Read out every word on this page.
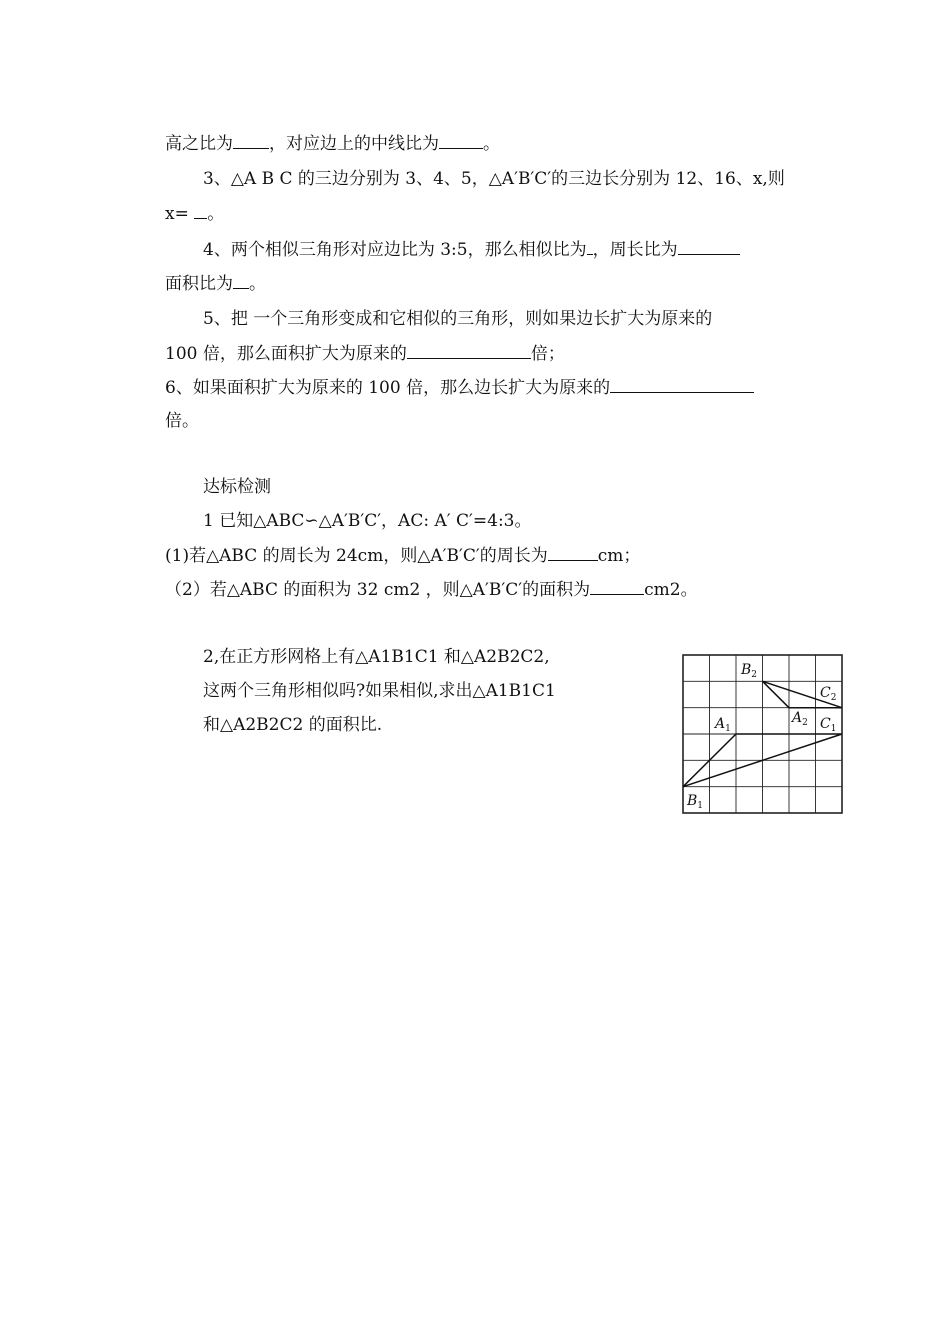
高之比为 ，对应边上的中线比为	。
3、△A B C 的三边分别为 3、4、5，△A′B′C′的三边长分别为 12、16、x,则
x= 。
4、两个相似三角形对应边比为 3:5，那么相似比为 ，周长比为
面积比为 。
5、把 一个三角形变成和它相似的三角形，则如果边长扩大为原来的
100 倍，那么面积扩大为原来的	倍；
6、如果面积扩大为原来的 100 倍，那么边长扩大为原来的
倍。
达标检测
1 已知△ABC∽△A′B′C′，AC: A′ C′=4:3。
(1)若△ABC 的周长为 24cm，则△A′B′C′的周长为	cm；
（2）若△ABC 的面积为 32 cm2 ，则△A′B′C′的面积为	cm2。
2,在正方形网格上有△A1B1C1 和△A2B2C2,
这两个三角形相似吗?如果相似,求出△A1B1C1
和△A2B2C2 的面积比.
$B_2$
$C_2$
$A_1$
$A_2$ $C_1$
$B_1$
